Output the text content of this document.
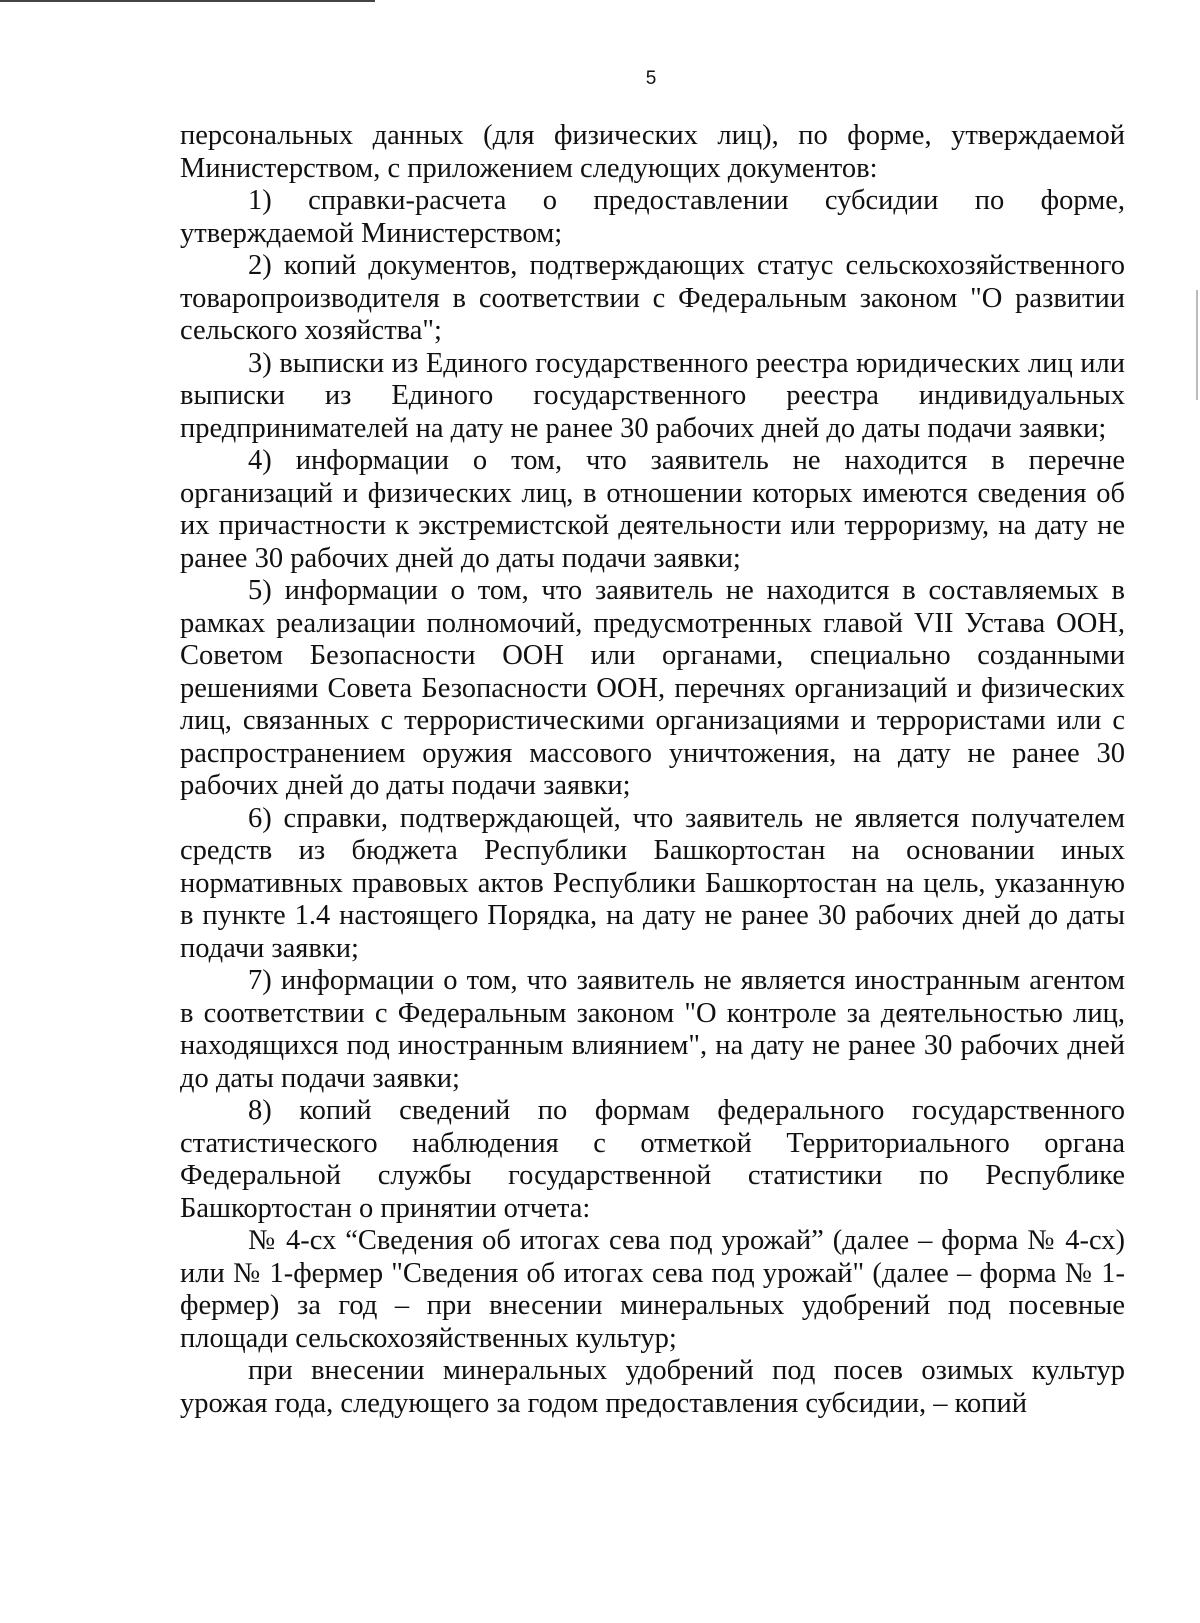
5

персональных данных (для физических лиц), по форме, утверждаемой Министерством, с приложением следующих документов:

1) справки-расчета о предоставлении субсидии по форме, утверждаемой Министерством;

2) копий документов, подтверждающих статус сельскохозяйственного товаропроизводителя в соответствии с Федеральным законом "О развитии сельского хозяйства";

3) выписки из Единого государственного реестра юридических лиц или выписки из Единого государственного реестра индивидуальных предпринимателей на дату не ранее 30 рабочих дней до даты подачи заявки;

4) информации о том, что заявитель не находится в перечне организаций и физических лиц, в отношении которых имеются сведения об их причастности к экстремистской деятельности или терроризму, на дату не ранее 30 рабочих дней до даты подачи заявки;

5) информации о том, что заявитель не находится в составляемых в рамках реализации полномочий, предусмотренных главой VII Устава ООН, Советом Безопасности ООН или органами, специально созданными решениями Совета Безопасности ООН, перечнях организаций и физических лиц, связанных с террористическими организациями и террористами или с распространением оружия массового уничтожения, на дату не ранее 30 рабочих дней до даты подачи заявки;

6) справки, подтверждающей, что заявитель не является получателем средств из бюджета Республики Башкортостан на основании иных нормативных правовых актов Республики Башкортостан на цель, указанную в пункте 1.4 настоящего Порядка, на дату не ранее 30 рабочих дней до даты подачи заявки;

7) информации о том, что заявитель не является иностранным агентом в соответствии с Федеральным законом "О контроле за деятельностью лиц, находящихся под иностранным влиянием", на дату не ранее 30 рабочих дней до даты подачи заявки;

8) копий сведений по формам федерального государственного статистического наблюдения с отметкой Территориального органа Федеральной службы государственной статистики по Республике Башкортостан о принятии отчета:

№ 4-сх “Сведения об итогах сева под урожай” (далее – форма № 4-сх) или № 1-фермер "Сведения об итогах сева под урожай" (далее – форма № 1-фермер) за год – при внесении минеральных удобрений под посевные площади сельскохозяйственных культур;

при внесении минеральных удобрений под посев озимых культур урожая года, следующего за годом предоставления субсидии, – копий
